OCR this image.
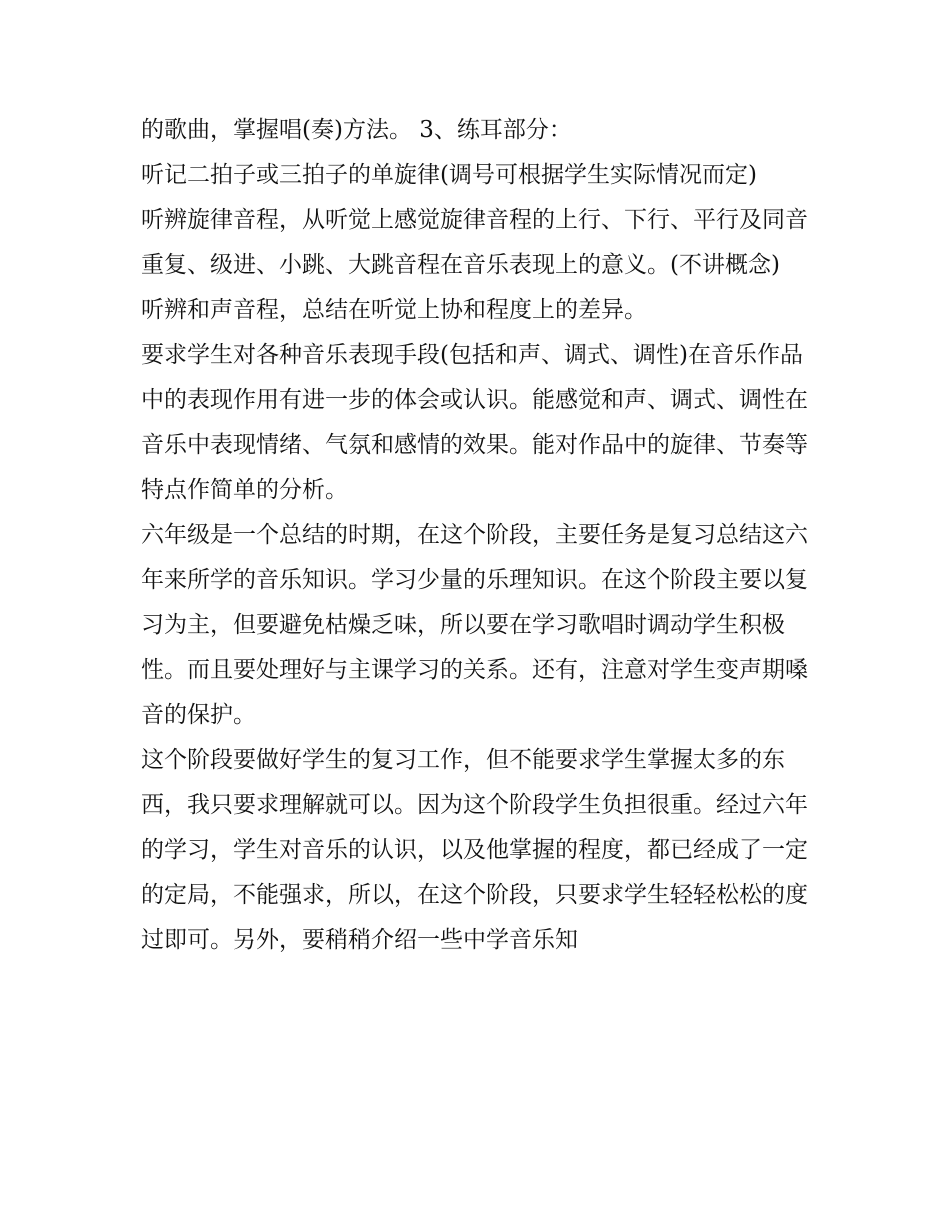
的歌曲，掌握唱(奏)方法。 3、练耳部分：

听记二拍子或三拍子的单旋律(调号可根据学生实际情况而定)

听辨旋律音程，从听觉上感觉旋律音程的上行、下行、平行及同音重复、级进、小跳、大跳音程在音乐表现上的意义。(不讲概念)

听辨和声音程，总结在听觉上协和程度上的差异。

要求学生对各种音乐表现手段(包括和声、调式、调性)在音乐作品中的表现作用有进一步的体会或认识。能感觉和声、调式、调性在音乐中表现情绪、气氛和感情的效果。能对作品中的旋律、节奏等特点作简单的分析。

六年级是一个总结的时期，在这个阶段，主要任务是复习总结这六年来所学的音乐知识。学习少量的乐理知识。在这个阶段主要以复习为主，但要避免枯燥乏味，所以要在学习歌唱时调动学生积极性。而且要处理好与主课学习的关系。还有，注意对学生变声期嗓音的保护。

这个阶段要做好学生的复习工作，但不能要求学生掌握太多的东西，我只要求理解就可以。因为这个阶段学生负担很重。经过六年的学习，学生对音乐的认识，以及他掌握的程度，都已经成了一定的定局，不能强求，所以，在这个阶段，只要求学生轻轻松松的度过即可。另外，要稍稍介绍一些中学音乐知
